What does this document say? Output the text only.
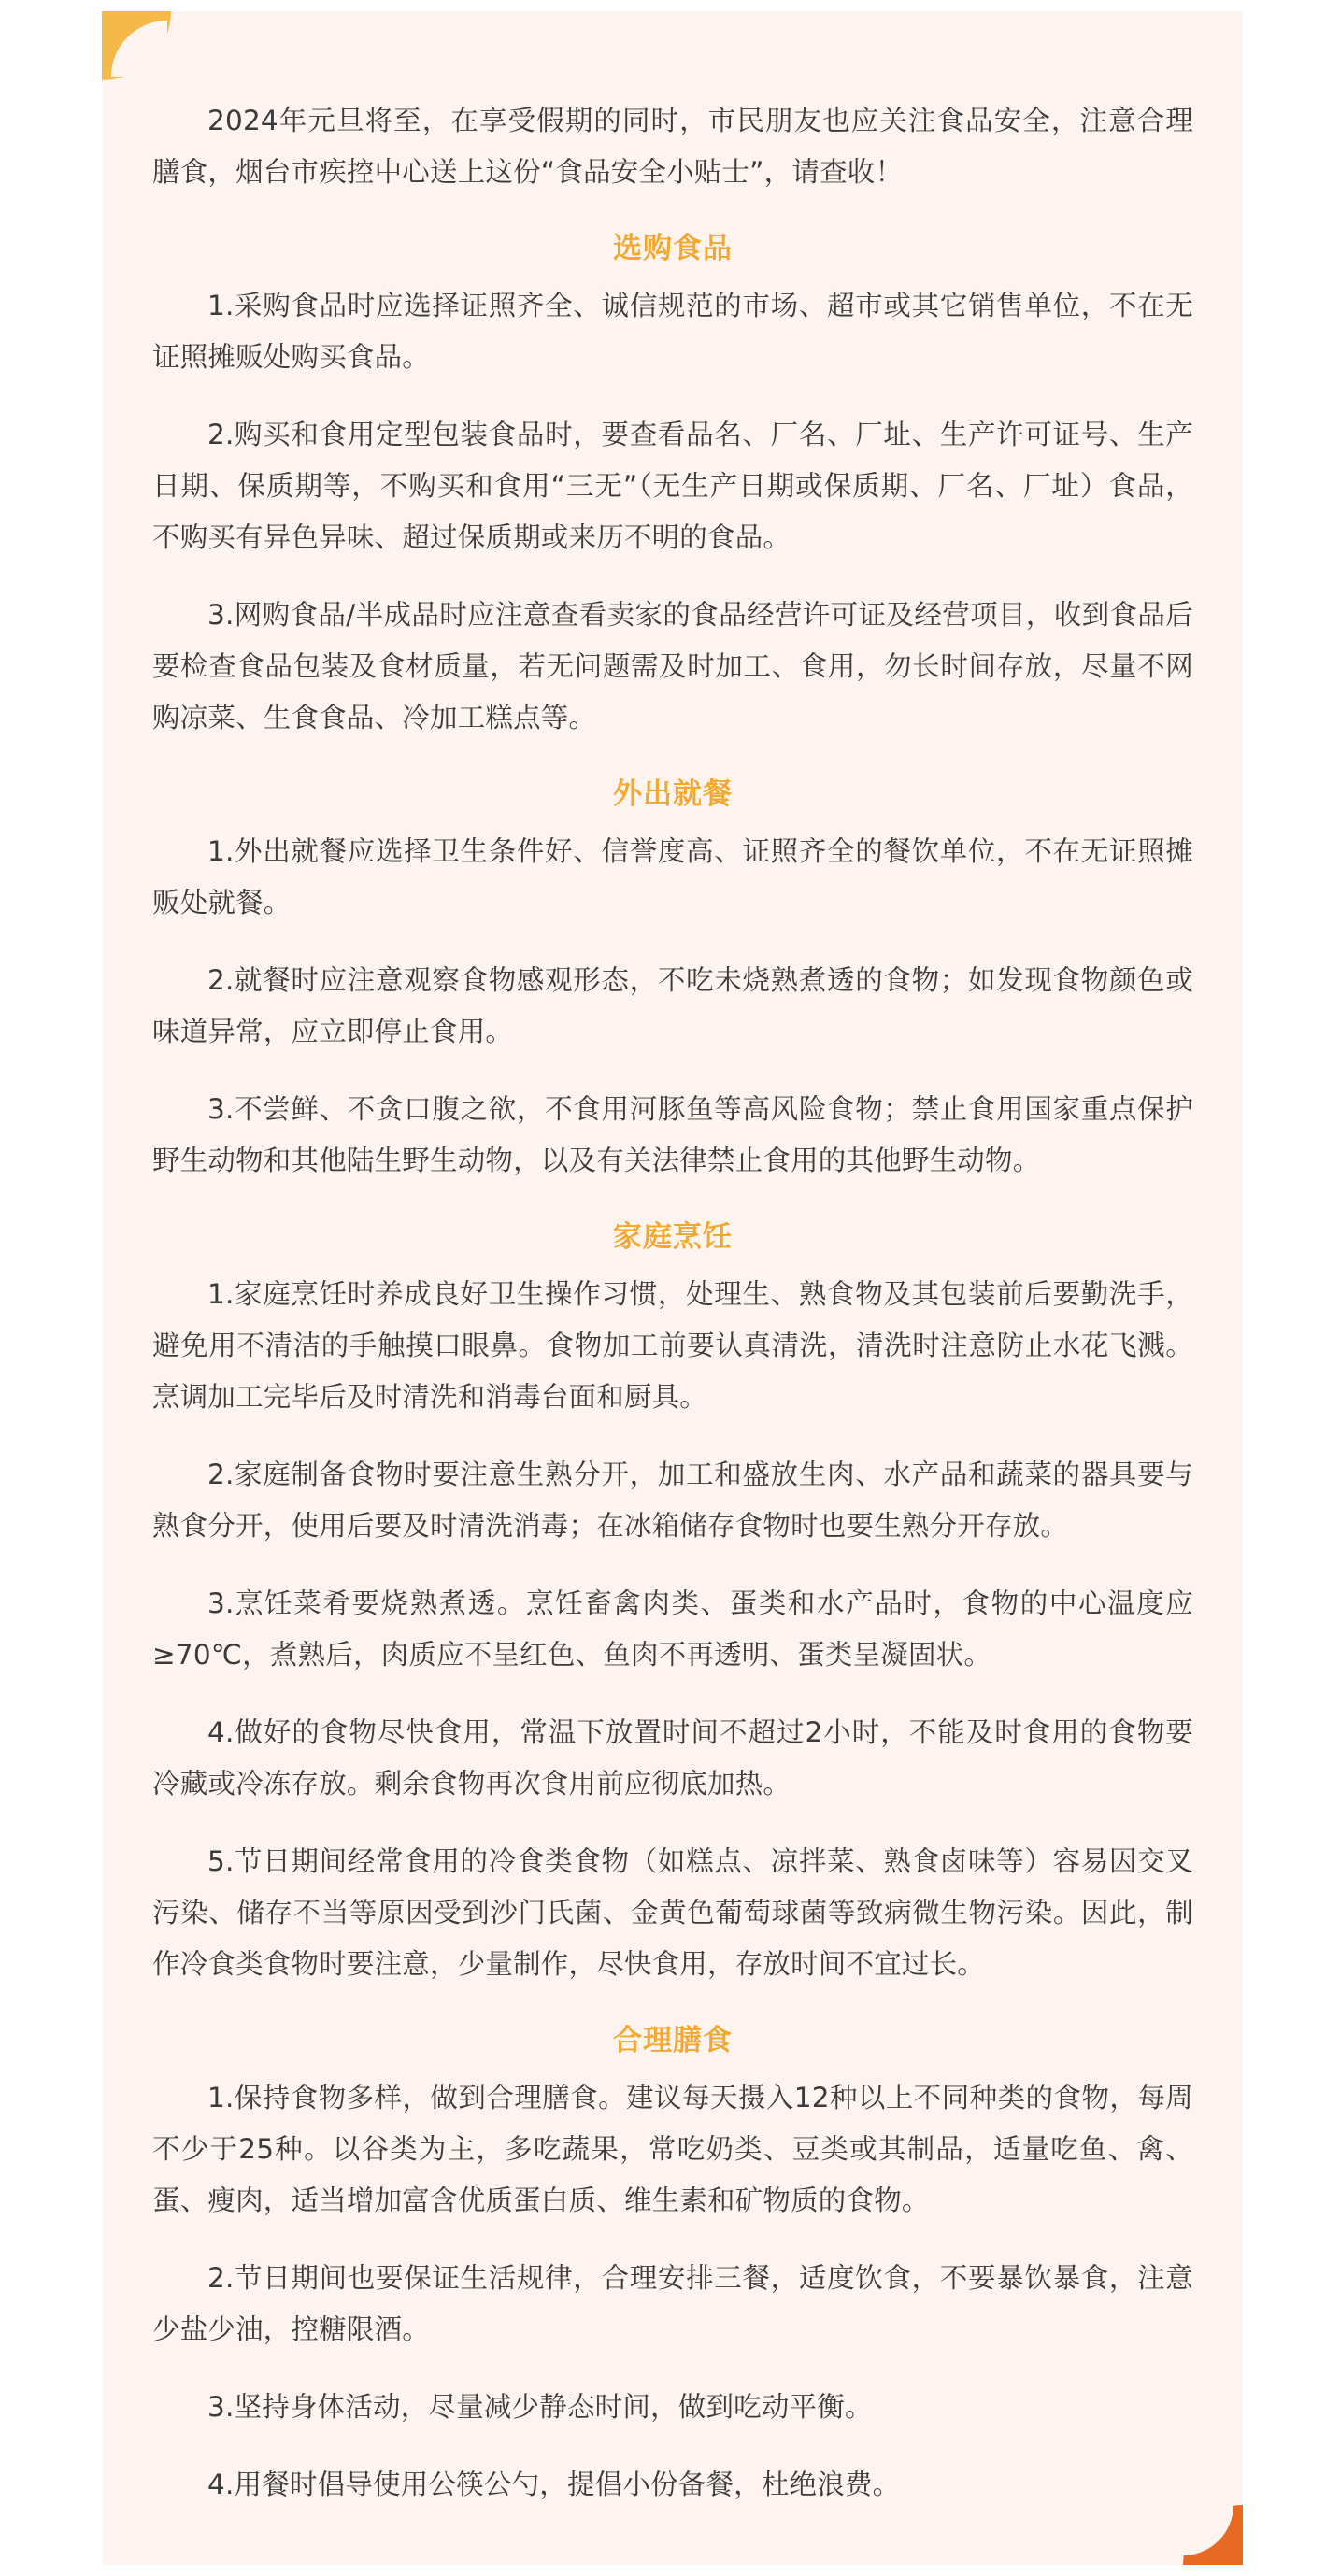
2024年元旦将至，在享受假期的同时，市民朋友也应关注食品安全，注意合理膳食，烟台市疾控中心送上这份“食品安全小贴士”，请查收！

选购食品

1.采购食品时应选择证照齐全、诚信规范的市场、超市或其它销售单位，不在无证照摊贩处购买食品。

2.购买和食用定型包装食品时，要查看品名、厂名、厂址、生产许可证号、生产日期、保质期等，不购买和食用“三无”（无生产日期或保质期、厂名、厂址）食品，不购买有异色异味、超过保质期或来历不明的食品。

3.网购食品/半成品时应注意查看卖家的食品经营许可证及经营项目，收到食品后要检查食品包装及食材质量，若无问题需及时加工、食用，勿长时间存放，尽量不网购凉菜、生食食品、冷加工糕点等。

外出就餐

1.外出就餐应选择卫生条件好、信誉度高、证照齐全的餐饮单位，不在无证照摊贩处就餐。

2.就餐时应注意观察食物感观形态，不吃未烧熟煮透的食物；如发现食物颜色或味道异常，应立即停止食用。

3.不尝鲜、不贪口腹之欲，不食用河豚鱼等高风险食物；禁止食用国家重点保护野生动物和其他陆生野生动物，以及有关法律禁止食用的其他野生动物。

家庭烹饪

1.家庭烹饪时养成良好卫生操作习惯，处理生、熟食物及其包装前后要勤洗手，避免用不清洁的手触摸口眼鼻。食物加工前要认真清洗，清洗时注意防止水花飞溅。烹调加工完毕后及时清洗和消毒台面和厨具。

2.家庭制备食物时要注意生熟分开，加工和盛放生肉、水产品和蔬菜的器具要与熟食分开，使用后要及时清洗消毒；在冰箱储存食物时也要生熟分开存放。

3.烹饪菜肴要烧熟煮透。烹饪畜禽肉类、蛋类和水产品时，食物的中心温度应≥70℃，煮熟后，肉质应不呈红色、鱼肉不再透明、蛋类呈凝固状。

4.做好的食物尽快食用，常温下放置时间不超过2小时，不能及时食用的食物要冷藏或冷冻存放。剩余食物再次食用前应彻底加热。

5.节日期间经常食用的冷食类食物（如糕点、凉拌菜、熟食卤味等）容易因交叉污染、储存不当等原因受到沙门氏菌、金黄色葡萄球菌等致病微生物污染。因此，制作冷食类食物时要注意，少量制作，尽快食用，存放时间不宜过长。

合理膳食

1.保持食物多样，做到合理膳食。建议每天摄入12种以上不同种类的食物，每周不少于25种。以谷类为主，多吃蔬果，常吃奶类、豆类或其制品，适量吃鱼、禽、蛋、瘦肉，适当增加富含优质蛋白质、维生素和矿物质的食物。

2.节日期间也要保证生活规律，合理安排三餐，适度饮食，不要暴饮暴食，注意少盐少油，控糖限酒。

3.坚持身体活动，尽量减少静态时间，做到吃动平衡。

4.用餐时倡导使用公筷公勺，提倡小份备餐，杜绝浪费。
